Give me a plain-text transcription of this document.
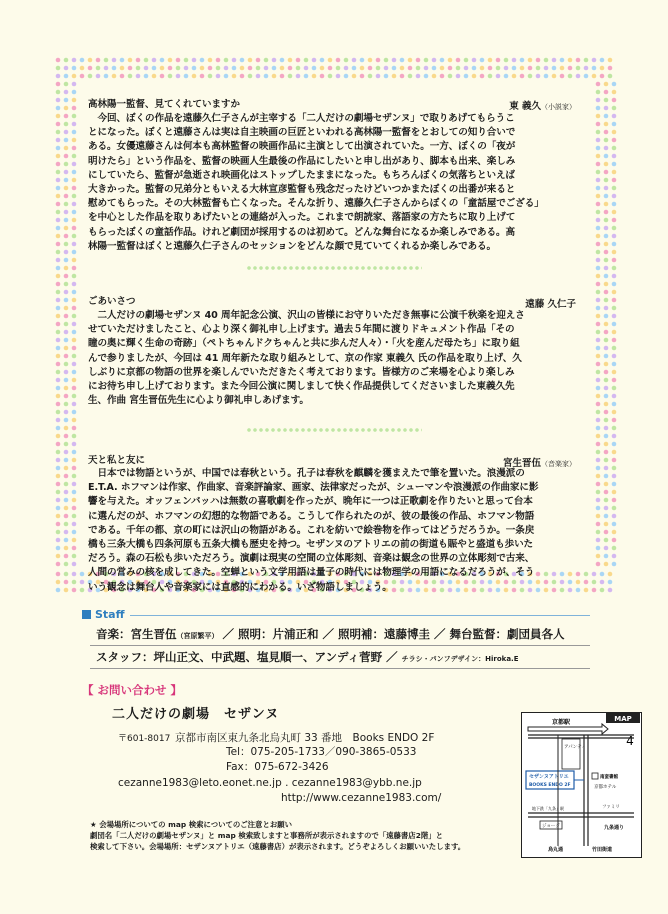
高林陽一監督、見てくれていますか	東 義久（小説家）
　今回、ぼくの作品を遠藤久仁子さんが主宰する「二人だけの劇場セザンヌ」で取りあげてもらうこ
とになった。ぼくと遠藤さんは実は自主映画の巨匠といわれる高林陽一監督をとおしての知り合いで
ある。女優遠藤さんは何本も高林監督の映画作品に主演として出演されていた。一方、ぼくの「夜が
明けたら」という作品を、監督の映画人生最後の作品にしたいと申し出があり、脚本も出来、楽しみ
にしていたら、監督が急逝され映画化はストップしたままになった。もちろんぼくの気落ちといえば
大きかった。監督の兄弟分ともいえる大林宣彦監督も残念だったけどいつかまたぼくの出番が来ると
慰めてもらった。その大林監督も亡くなった。そんな折り、遠藤久仁子さんからぼくの「童話屋でござる」
を中心とした作品を取りあげたいとの連絡が入った。これまで朗読家、落語家の方たちに取り上げて
もらったぼくの童話作品。けれど劇団が採用するのは初めて。どんな舞台になるか楽しみである。高
林陽一監督はぼくと遠藤久仁子さんのセッションをどんな顔で見ていてくれるか楽しみである。
ごあいさつ	遠藤 久仁子
　二人だけの劇場セザンヌ 40 周年記念公演、沢山の皆様にお守りいただき無事に公演千秋楽を迎えさ
せていただけましたこと、心より深く御礼申し上げます。過去５年間に渡りドキュメント作品「その
瞳の奥に輝く生命の奇跡」（ペトちゃんドクちゃんと共に歩んだ人々）・「火を産んだ母たち」に取り組
んで参りましたが、今回は 41 周年新たな取り組みとして、京の作家 東義久 氏の作品を取り上げ、久
しぶりに京都の物語の世界を楽しんでいただきたく考えております。皆様方のご来場を心より楽しみ
にお待ち申し上げております。また今回公演に関しまして快く作品提供してくださいました東義久先
生、作曲 宮生晋伍先生に心より御礼申しあげます。
天と私と友に	宮生晋伍（音楽家）
　日本では物語というが、中国では春秋という。孔子は春秋を麒麟を獲まえたで筆を置いた。浪漫派の
E.T.A. ホフマンは作家、作曲家、音楽評論家、画家、法律家だったが、シューマンや浪漫派の作曲家に影
響を与えた。オッフェンバッハは無数の喜歌劇を作ったが、晩年に一つは正歌劇を作りたいと思って台本
に選んだのが、ホフマンの幻想的な物語である。こうして作られたのが、彼の最後の作品、ホフマン物語
である。千年の都、京の町には沢山の物語がある。これを紡いで絵巻物を作ってはどうだろうか。一条戻
橋も三条大橋も四条河原も五条大橋も歴史を持つ。セザンヌのアトリエの前の街道も賑やと盛道も歩いた
だろう。森の石松も歩いただろう。演劇は現実の空間の立体彫刻、音楽は観念の世界の立体彫刻で古来、
人間の営みの核を成してきた。空蝉という文学用語は量子の時代には物理学の用語になるだろうが、そう
いう観念は舞台人や音楽家には直感的にわかる。いざ物語しましょう。
Staff
音楽：宮生晋伍（宮原繁平） ／ 照明：片浦正和 ／ 照明補：遠藤博圭 ／ 舞台監督：劇団員各人
スタッフ：坪山正文、中武題、塩見順一、アンディ菅野 ／ チラシ・パンフデザイン：Hiroka.E
【 お問い合わせ 】
二人だけの劇場　セザンヌ
〒601-8017 京都市南区東九条北烏丸町 33 番地　Books ENDO 2F
Tel：075-205-1733／090-3865-0533
Fax：075-672-3426
cezanne1983@leto.eonet.ne.jp . cezanne1983@ybb.ne.jp
http://www.cezanne1983.com/
★ 会場場所についての map 検索についてのご注意とお願い
劇団名「二人だけの劇場セザンヌ」と map 検索致しますと事務所が表示されますので「遠藤書店2階」と
検索して下さい。会場場所：セザンヌアトリエ（遠藤書店）が表示されます。どうぞよろしくお願いいたします。
MAP
4
京都駅
アパンティ
セザンヌアトリエ
BOOKS ENDO 2F
南蛮書館
京都ホテル
地下鉄「九条」駅	ファミリ
九条通り
ジョージ
烏丸通	竹田街道
